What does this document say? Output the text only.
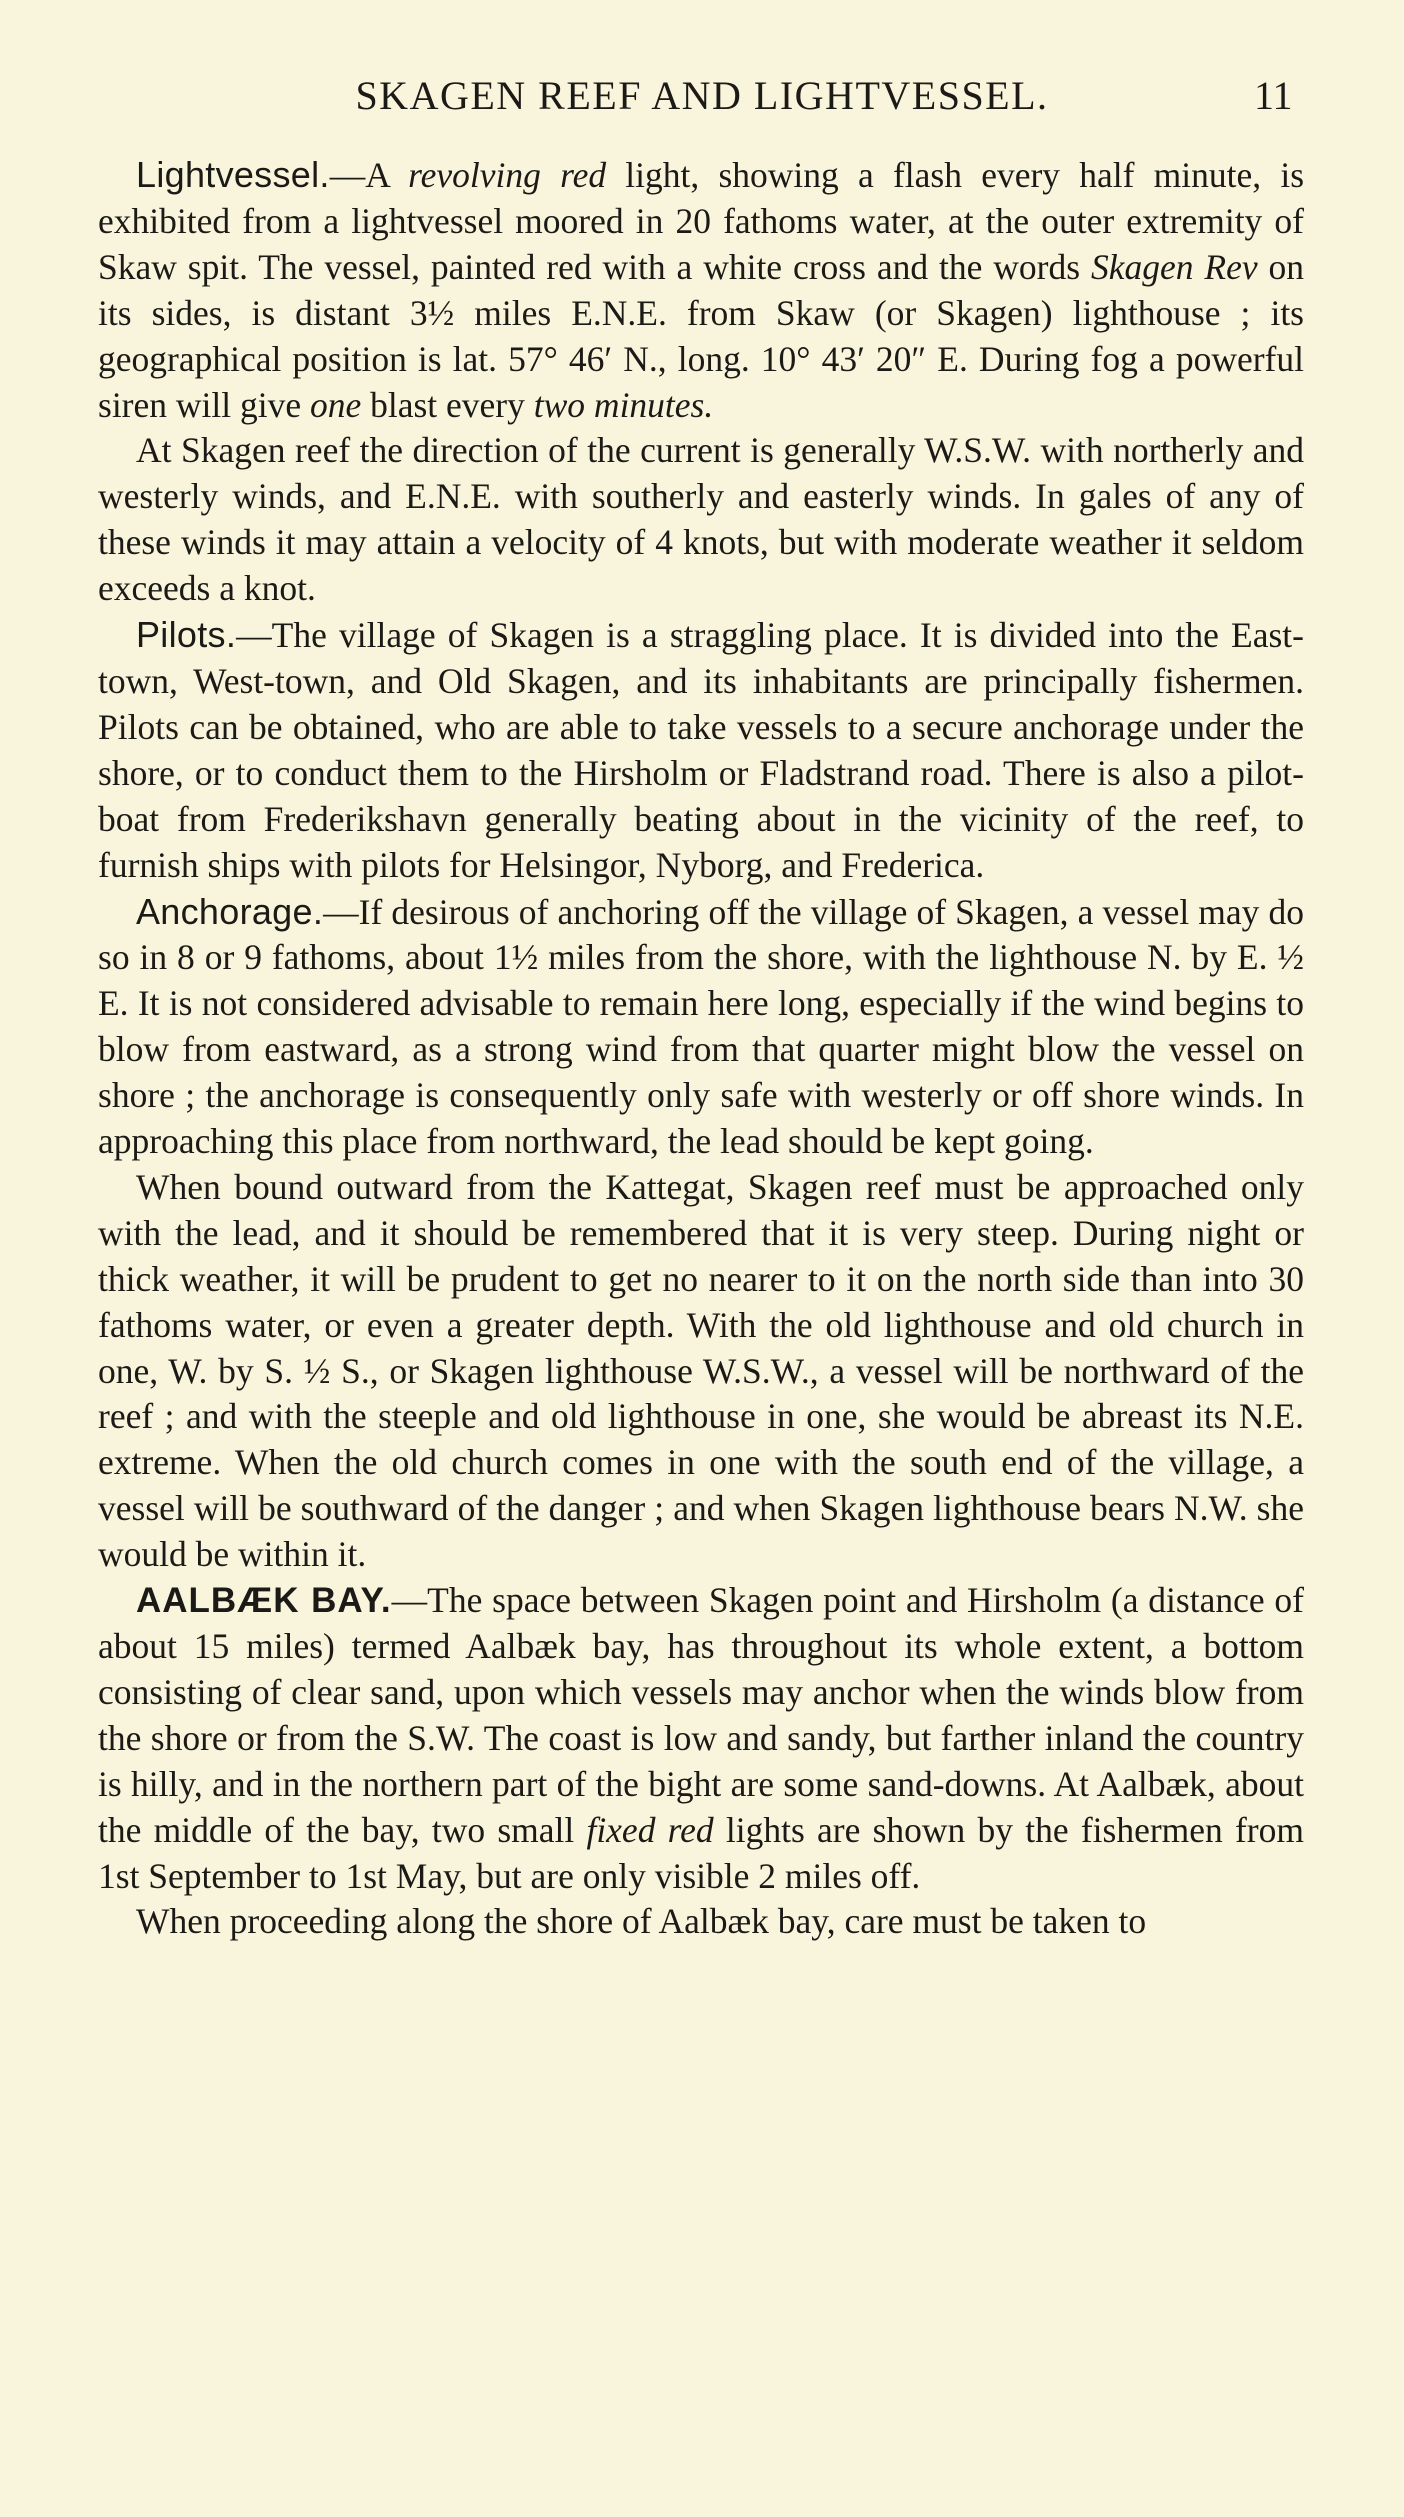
SKAGEN REEF AND LIGHTVESSEL.	11

Lightvessel.—A revolving red light, showing a flash every half minute, is exhibited from a lightvessel moored in 20 fathoms water, at the outer extremity of Skaw spit. The vessel, painted red with a white cross and the words Skagen Rev on its sides, is distant 3½ miles E.N.E. from Skaw (or Skagen) lighthouse ; its geographical position is lat. 57° 46′ N., long. 10° 43′ 20″ E. During fog a powerful siren will give one blast every two minutes.

At Skagen reef the direction of the current is generally W.S.W. with northerly and westerly winds, and E.N.E. with southerly and easterly winds. In gales of any of these winds it may attain a velocity of 4 knots, but with moderate weather it seldom exceeds a knot.

Pilots.—The village of Skagen is a straggling place. It is divided into the East-town, West-town, and Old Skagen, and its inhabitants are principally fishermen. Pilots can be obtained, who are able to take vessels to a secure anchorage under the shore, or to conduct them to the Hirsholm or Fladstrand road. There is also a pilot-boat from Frederikshavn generally beating about in the vicinity of the reef, to furnish ships with pilots for Helsingor, Nyborg, and Frederica.

Anchorage.—If desirous of anchoring off the village of Skagen, a vessel may do so in 8 or 9 fathoms, about 1½ miles from the shore, with the lighthouse N. by E. ½ E. It is not considered advisable to remain here long, especially if the wind begins to blow from eastward, as a strong wind from that quarter might blow the vessel on shore ; the anchorage is consequently only safe with westerly or off shore winds. In approaching this place from northward, the lead should be kept going.

When bound outward from the Kattegat, Skagen reef must be approached only with the lead, and it should be remembered that it is very steep. During night or thick weather, it will be prudent to get no nearer to it on the north side than into 30 fathoms water, or even a greater depth. With the old lighthouse and old church in one, W. by S. ½ S., or Skagen lighthouse W.S.W., a vessel will be northward of the reef ; and with the steeple and old lighthouse in one, she would be abreast its N.E. extreme. When the old church comes in one with the south end of the village, a vessel will be southward of the danger ; and when Skagen lighthouse bears N.W. she would be within it.

AALBÆK BAY.—The space between Skagen point and Hirsholm (a distance of about 15 miles) termed Aalbæk bay, has throughout its whole extent, a bottom consisting of clear sand, upon which vessels may anchor when the winds blow from the shore or from the S.W. The coast is low and sandy, but farther inland the country is hilly, and in the northern part of the bight are some sand-downs. At Aalbæk, about the middle of the bay, two small fixed red lights are shown by the fishermen from 1st September to 1st May, but are only visible 2 miles off.

When proceeding along the shore of Aalbæk bay, care must be taken to
